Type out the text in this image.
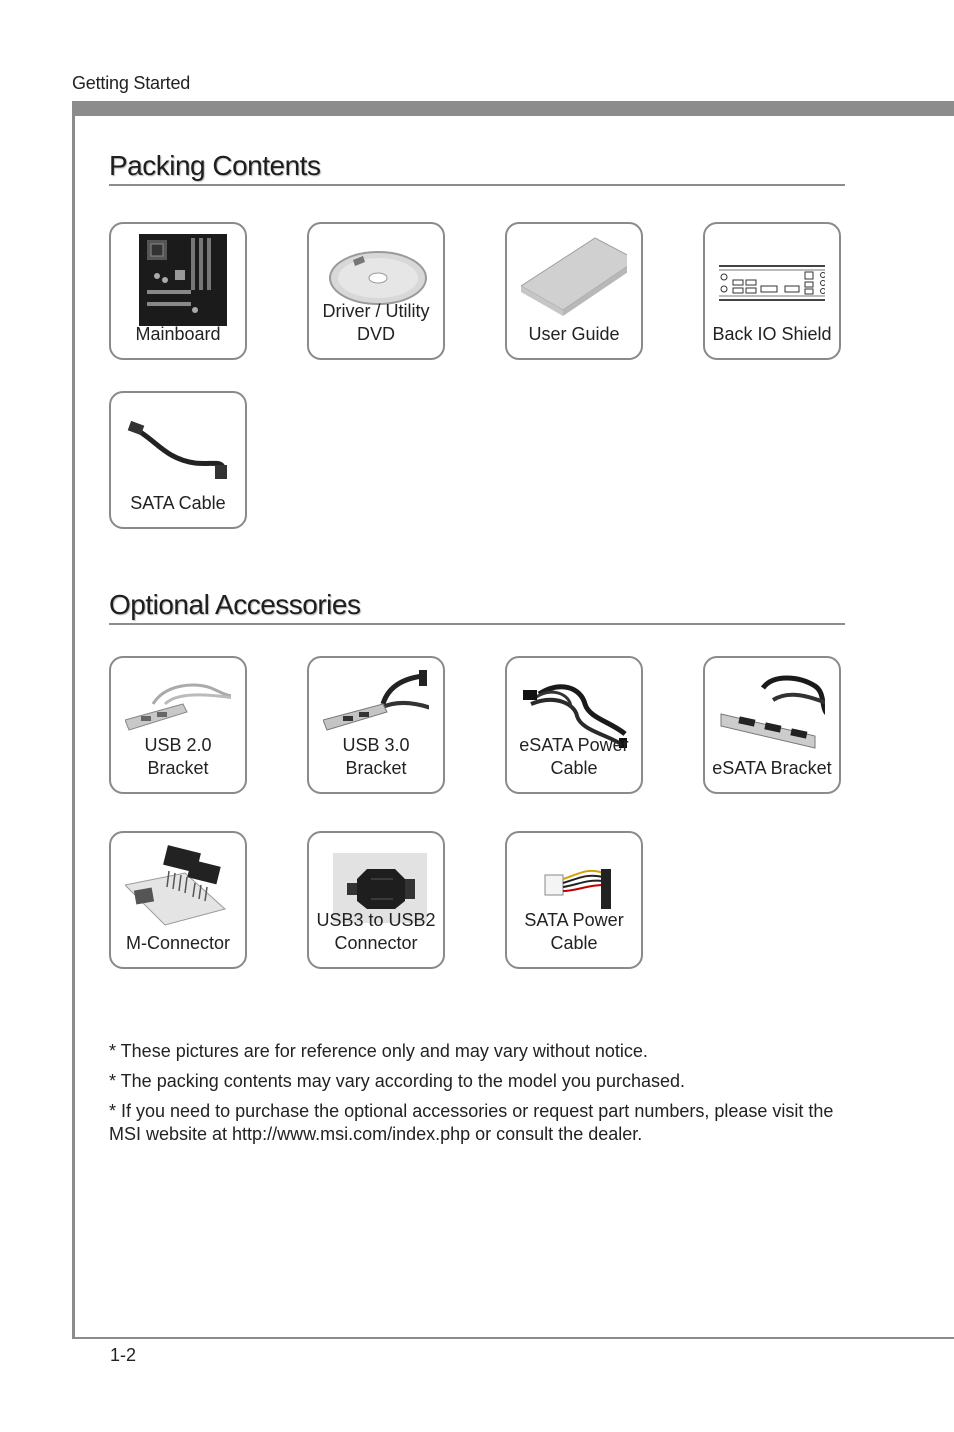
Getting Started
Packing Contents
Mainboard
Driver / Utility DVD	User Guide	Back IO Shield
SATA Cable
Optional Accessories
USB 2.0 Bracket
USB 3.0 Bracket
eSATA Power Cable	eSATA Bracket
M-Connector
USB3 to USB2 Connector
SATA Power Cable

* These pictures are for reference only and may vary without notice.

* The packing contents may vary according to the model you purchased.

* If you need to purchase the optional accessories or request part numbers, please visit the MSI website at http://www.msi.com/index.php or consult the dealer.

1-2
